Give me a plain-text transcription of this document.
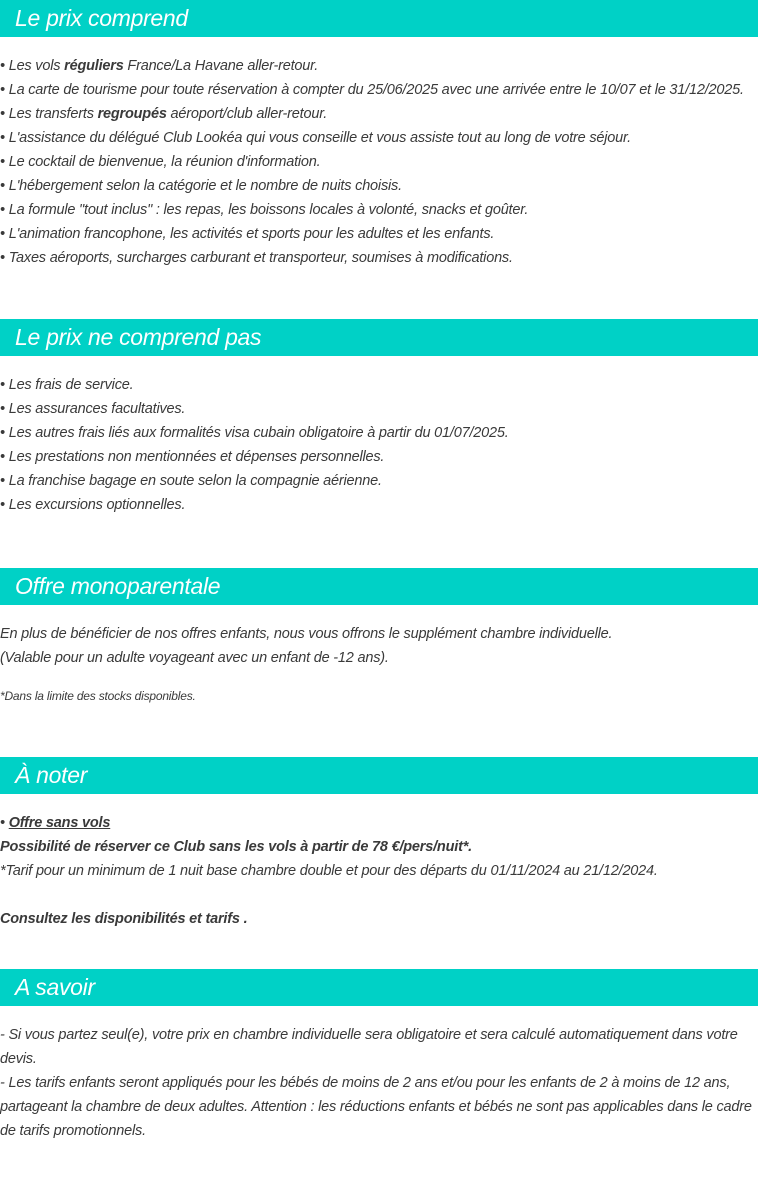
Le prix comprend
• Les vols réguliers France/La Havane aller-retour.
• La carte de tourisme pour toute réservation à compter du 25/06/2025 avec une arrivée entre le 10/07 et le 31/12/2025.
• Les transferts regroupés aéroport/club aller-retour.
• L'assistance du délégué Club Lookéa qui vous conseille et vous assiste tout au long de votre séjour.
• Le cocktail de bienvenue, la réunion d'information.
• L'hébergement selon la catégorie et le nombre de nuits choisis.
• La formule "tout inclus" : les repas, les boissons locales à volonté, snacks et goûter.
• L'animation francophone, les activités et sports pour les adultes et les enfants.
• Taxes aéroports, surcharges carburant et transporteur, soumises à modifications.
Le prix ne comprend pas
• Les frais de service.
• Les assurances facultatives.
• Les autres frais liés aux formalités visa cubain obligatoire à partir du 01/07/2025.
• Les prestations non mentionnées et dépenses personnelles.
• La franchise bagage en soute selon la compagnie aérienne.
• Les excursions optionnelles.
Offre monoparentale
En plus de bénéficier de nos offres enfants, nous vous offrons le supplément chambre individuelle.
(Valable pour un adulte voyageant avec un enfant de -12 ans).
*Dans la limite des stocks disponibles.
À noter
• Offre sans vols
Possibilité de réserver ce Club sans les vols à partir de 78 €/pers/nuit*.
*Tarif pour un minimum de 1 nuit base chambre double et pour des départs du 01/11/2024 au 21/12/2024.
Consultez les disponibilités et tarifs .
A savoir
- Si vous partez seul(e), votre prix en chambre individuelle sera obligatoire et sera calculé automatiquement dans votre devis.
- Les tarifs enfants seront appliqués pour les bébés de moins de 2 ans et/ou pour les enfants de 2 à moins de 12 ans, partageant la chambre de deux adultes. Attention : les réductions enfants et bébés ne sont pas applicables dans le cadre de tarifs promotionnels.
